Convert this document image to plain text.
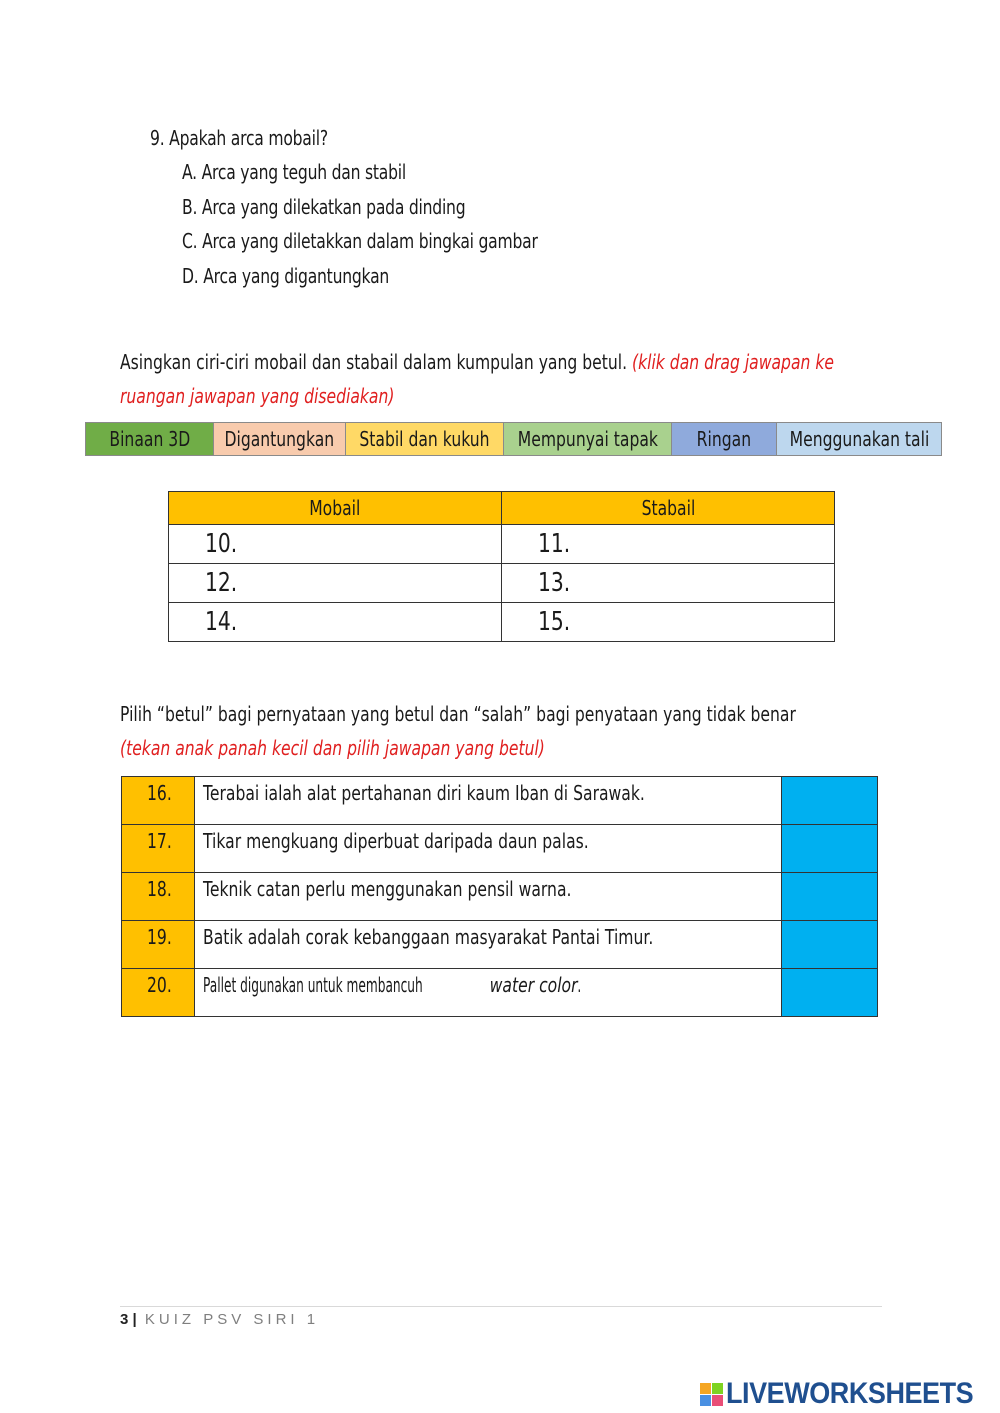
9. Apakah arca mobail?
A. Arca yang teguh dan stabil
B. Arca yang dilekatkan pada dinding
C. Arca yang diletakkan dalam bingkai gambar
D. Arca yang digantungkan
Asingkan ciri-ciri mobail dan stabail dalam kumpulan yang betul. (klik dan drag jawapan ke ruangan jawapan yang disediakan)
Binaan 3D Digantungkan Stabil dan kukuh Mempunyai tapak Ringan Menggunakan tali
Mobail	Stabail
10.	11.
12.	13.
14.	15.
Pilih “betul” bagi pernyataan yang betul dan “salah” bagi penyataan yang tidak benar
(tekan anak panah kecil dan pilih jawapan yang betul)
16.	Terabai ialah alat pertahanan diri kaum Iban di Sarawak.	
17.	Tikar mengkuang diperbuat daripada daun palas.	
18.	Teknik catan perlu menggunakan pensil warna.	
19.	Batik adalah corak kebanggaan masyarakat Pantai Timur.	
20.	Pallet digunakan untuk membancuh water color.	
3 | KUIZ PSV SIRI 1
LIVEWORKSHEETS
